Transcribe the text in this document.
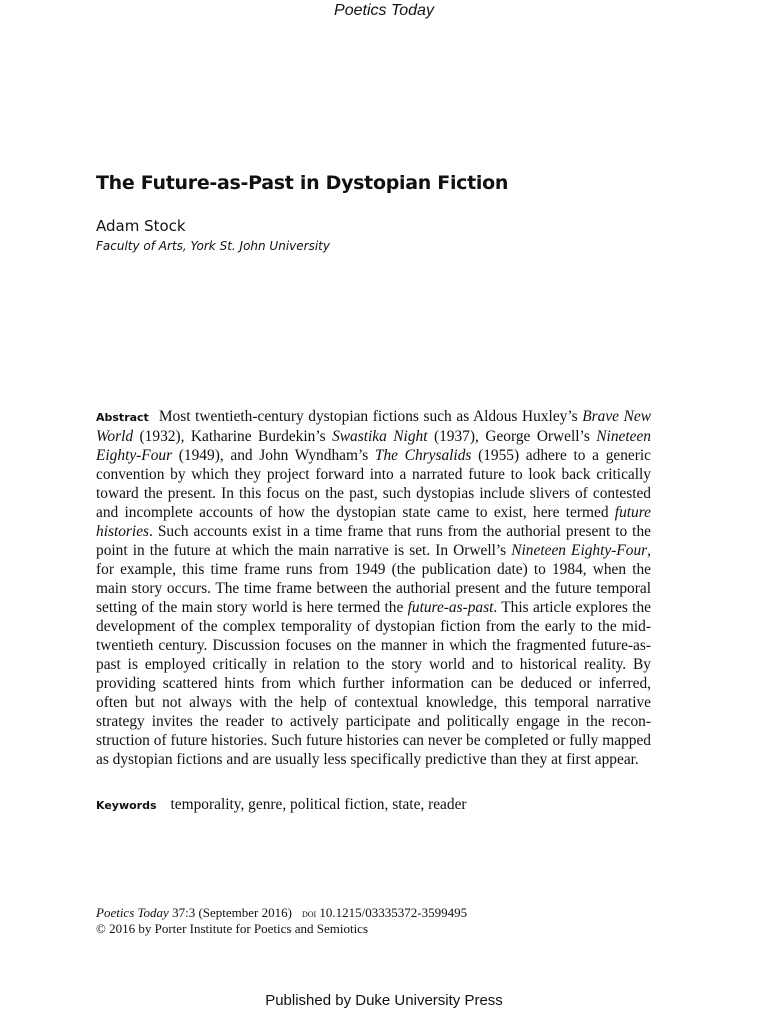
Poetics Today
The Future-as-Past in Dystopian Fiction
Adam Stock
Faculty of Arts, York St. John University

Abstract Most twentieth-century dystopian fictions such as Aldous Huxley’s Brave New World (1932), Katharine Burdekin’s Swastika Night (1937), George Orwell’s Nineteen Eighty-Four (1949), and John Wyndham’s The Chrysalids (1955) adhere to a generic convention by which they project forward into a narrated future to look back critically toward the present. In this focus on the past, such dystopias include slivers of contested and incomplete accounts of how the dystopian state came to exist, here termed future histories. Such accounts exist in a time frame that runs from the authorial present to the point in the future at which the main narrative is set. In Orwell’s Nineteen Eighty-Four, for example, this time frame runs from 1949 (the publication date) to 1984, when the main story occurs. The time frame between the authorial present and the future temporal setting of the main story world is here termed the future-as-past. This article explores the development of the complex temporality of dystopian fiction from the early to the mid-twentieth century. Discussion focuses on the manner in which the fragmented future-as-past is employed critically in relation to the story world and to historical reality. By providing scattered hints from which further information can be deduced or inferred, often but not always with the help of contextual knowledge, this temporal narrative strategy invites the reader to actively participate and politically engage in the reconstruction of future histories. Such future histories can never be completed or fully mapped as dystopian fictions and are usually less specifically predictive than they at first appear.

Keywords temporality, genre, political fiction, state, reader
Poetics Today 37:3 (September 2016) doi 10.1215/03335372-3599495
© 2016 by Porter Institute for Poetics and Semiotics
Published by Duke University Press
